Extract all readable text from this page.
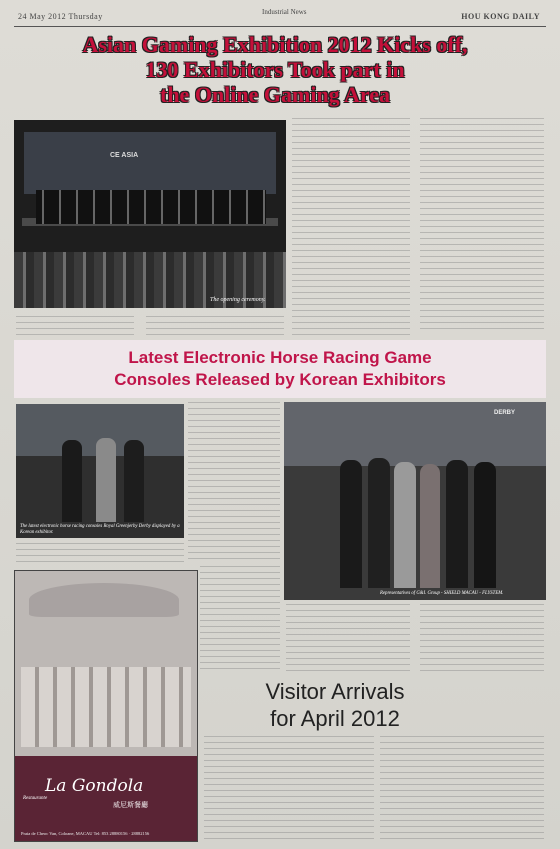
24 May 2012 Thursday	Industrial News	HOU KONG DAILY
Asian Gaming Exhibition 2012 Kicks off,
130 Exhibitors Took part in
the Online Gaming Area
CE ASIA
The opening ceremony.
Latest Electronic Horse Racing Game
Consoles Released by Korean Exhibitors
The latest electronic horse racing consoles Royal Greenjerby Derby displayed by a Korean exhibitor.
DERBY
Representatives of G&I. Group - SHIELD MACAU - FLYSTEM.
Restaurante
La Gondola
威尼斯餐廳
Praia de Cheoc Van, Coloane, MACAU Tel: 853 28880156 · 28882156
Visitor Arrivals
for April 2012
